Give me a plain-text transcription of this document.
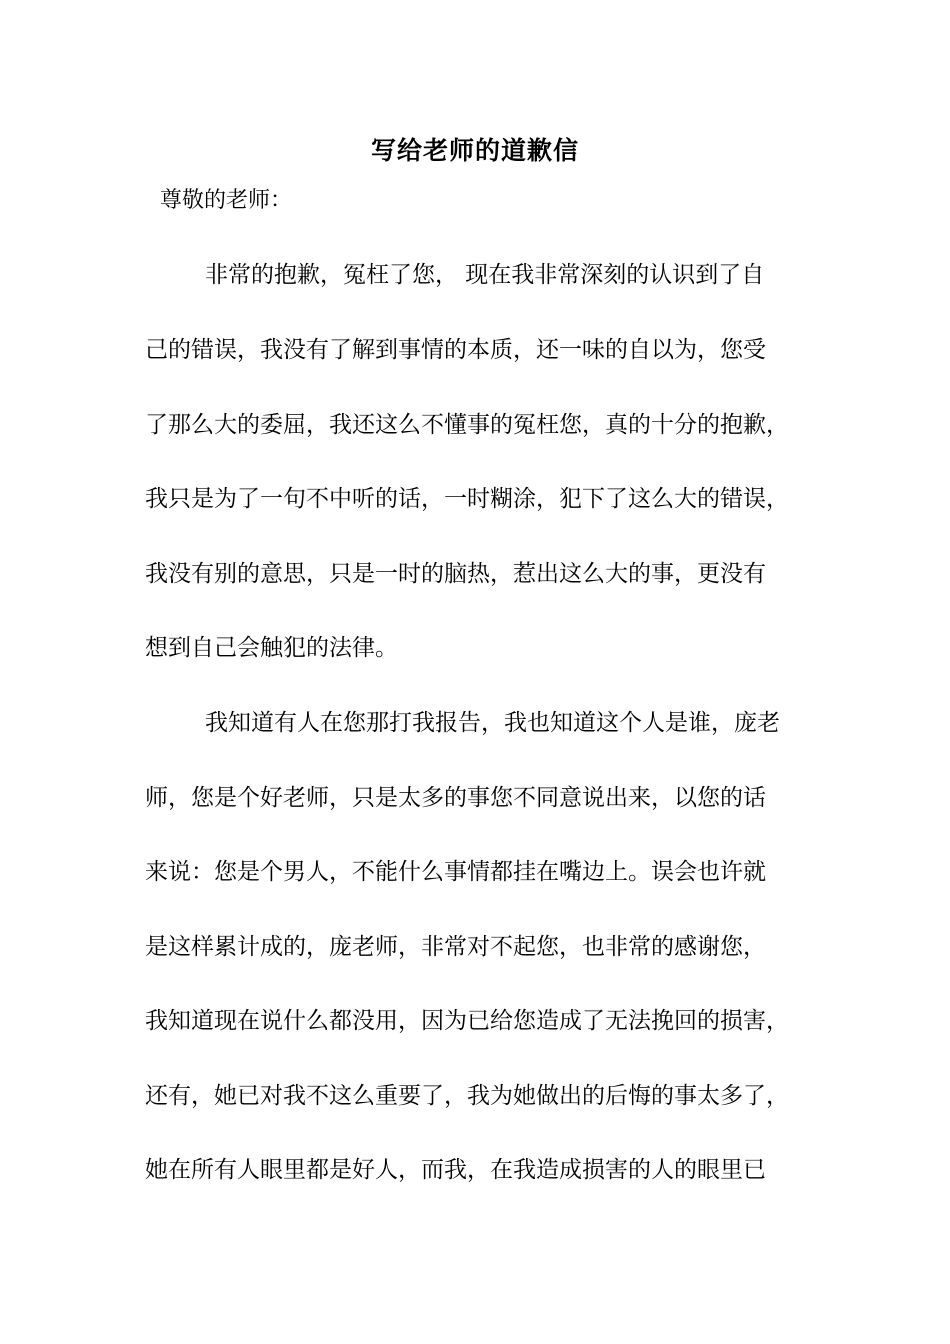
写给老师的道歉信
尊敬的老师：
非常的抱歉，冤枉了您， 现在我非常深刻的认识到了自
己的错误，我没有了解到事情的本质，还一味的自以为，您受
了那么大的委屈，我还这么不懂事的冤枉您，真的十分的抱歉，
我只是为了一句不中听的话，一时糊涂，犯下了这么大的错误，
我没有别的意思，只是一时的脑热，惹出这么大的事，更没有
想到自己会触犯的法律。
我知道有人在您那打我报告，我也知道这个人是谁，庞老
师，您是个好老师，只是太多的事您不同意说出来，以您的话
来说：您是个男人，不能什么事情都挂在嘴边上。误会也许就
是这样累计成的，庞老师，非常对不起您，也非常的感谢您，
我知道现在说什么都没用，因为已给您造成了无法挽回的损害，
还有，她已对我不这么重要了，我为她做出的后悔的事太多了，
她在所有人眼里都是好人，而我，在我造成损害的人的眼里已
